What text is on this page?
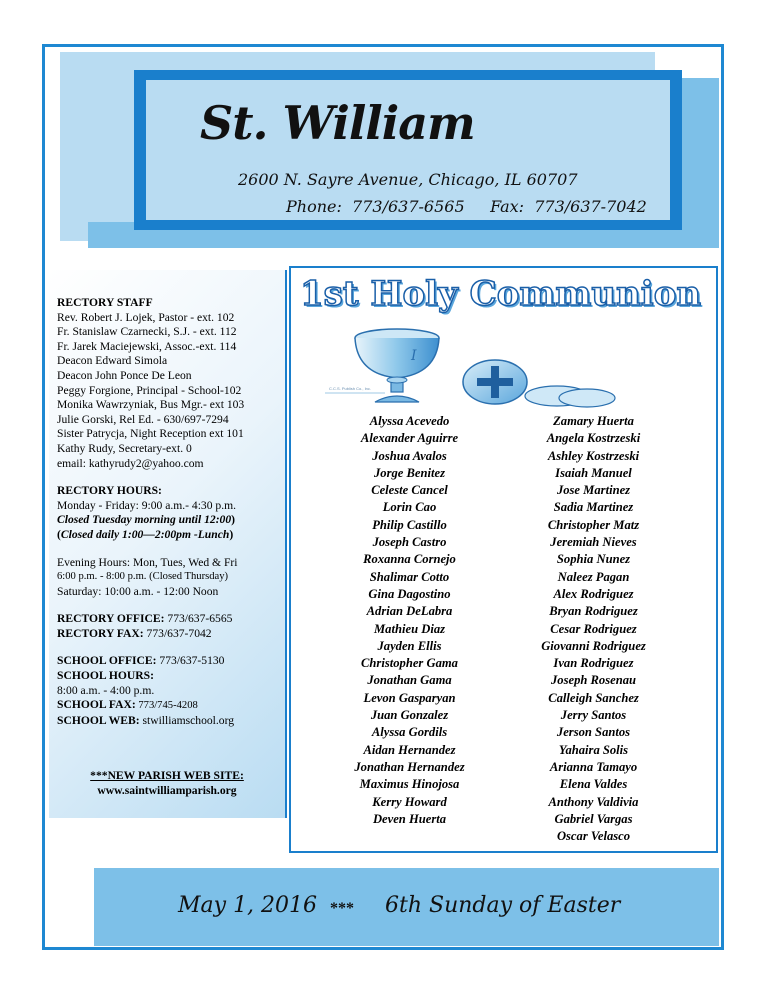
St. William
2600 N. Sayre Avenue, Chicago, IL 60707
Phone:  773/637-6565     Fax:  773/637-7042
RECTORY STAFF
Rev. Robert J. Lojek, Pastor - ext. 102
Fr. Stanislaw Czarnecki, S.J. - ext. 112
Fr. Jarek Maciejewski, Assoc.-ext. 114
Deacon Edward Simola
Deacon John Ponce De Leon
Peggy Forgione, Principal - School-102
Monika Wawrzyniak, Bus Mgr.- ext 103
Julie Gorski, Rel Ed. - 630/697-7294
Sister Patrycja, Night Reception ext 101
Kathy Rudy, Secretary-ext. 0
email: kathyrudy2@yahoo.com
RECTORY HOURS:
Monday - Friday: 9:00 a.m.- 4:30 p.m.
Closed Tuesday morning until 12:00)
(Closed daily 1:00—2:00pm -Lunch)
Evening Hours: Mon, Tues, Wed & Fri
6:00 p.m. - 8:00 p.m. (Closed Thursday)
Saturday: 10:00 a.m. - 12:00 Noon
RECTORY OFFICE: 773/637-6565
RECTORY FAX: 773/637-7042
SCHOOL OFFICE: 773/637-5130
SCHOOL HOURS:
8:00 a.m. - 4:00 p.m.
SCHOOL FAX: 773/745-4208
SCHOOL WEB: stwilliamschool.org
***NEW PARISH WEB SITE:
www.saintwilliamparish.org
1st Holy Communion
I
C.C.S. Publish Co., Inc.
Alyssa Acevedo
Alexander Aguirre
Joshua Avalos
Jorge Benitez
Celeste Cancel
Lorin Cao
Philip Castillo
Joseph Castro
Roxanna Cornejo
Shalimar Cotto
Gina Dagostino
Adrian DeLabra
Mathieu Diaz
Jayden Ellis
Christopher Gama
Jonathan Gama
Levon Gasparyan
Juan Gonzalez
Alyssa Gordils
Aidan Hernandez
Jonathan Hernandez
Maximus Hinojosa
Kerry Howard
Deven Huerta
Zamary Huerta
Angela Kostrzeski
Ashley Kostrzeski
Isaiah Manuel
Jose Martinez
Sadia Martinez
Christopher Matz
Jeremiah Nieves
Sophia Nunez
Naleez Pagan
Alex Rodriguez
Bryan Rodriguez
Cesar Rodriguez
Giovanni Rodriguez
Ivan Rodriguez
Joseph Rosenau
Calleigh Sanchez
Jerry Santos
Jerson Santos
Yahaira Solis
Arianna Tamayo
Elena Valdes
Anthony Valdivia
Gabriel Vargas
Oscar Velasco
May 1, 2016 *** 6th Sunday of Easter
